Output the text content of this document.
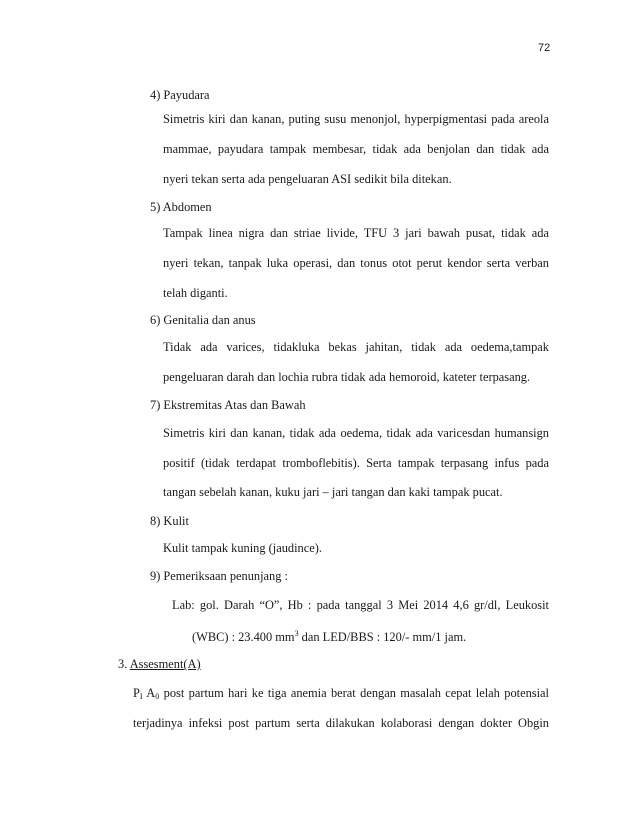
72
4) Payudara
Simetris kiri dan kanan, puting susu menonjol, hyperpigmentasi pada areola
mammae, payudara tampak membesar, tidak ada benjolan dan tidak ada
nyeri tekan serta ada pengeluaran ASI sedikit bila ditekan.
5) Abdomen
Tampak linea nigra dan striae livide, TFU 3 jari bawah pusat, tidak ada
nyeri tekan, tanpak luka operasi, dan tonus otot perut kendor serta verban
telah diganti.
6) Genitalia dan anus
Tidak ada varices, tidakluka bekas jahitan, tidak ada oedema,tampak
pengeluaran darah dan lochia rubra tidak ada hemoroid, kateter terpasang.
7) Ekstremitas Atas dan Bawah
Simetris kiri dan kanan, tidak ada oedema, tidak ada varicesdan humansign
positif (tidak terdapat tromboflebitis). Serta tampak terpasang infus pada
tangan sebelah kanan, kuku jari – jari tangan dan kaki tampak pucat.
8) Kulit
Kulit tampak kuning (jaudince).
9) Pemeriksaan penunjang :
Lab: gol. Darah “O”, Hb : pada tanggal 3 Mei 2014 4,6 gr/dl, Leukosit
(WBC) : 23.400 $mm^3$ dan LED/BBS : 120/- mm/1 jam.
3. Assesment(A)
$P_I$ $A_0$ post partum hari ke tiga anemia berat dengan masalah cepat lelah potensial
terjadinya infeksi post partum serta dilakukan kolaborasi dengan dokter Obgin
